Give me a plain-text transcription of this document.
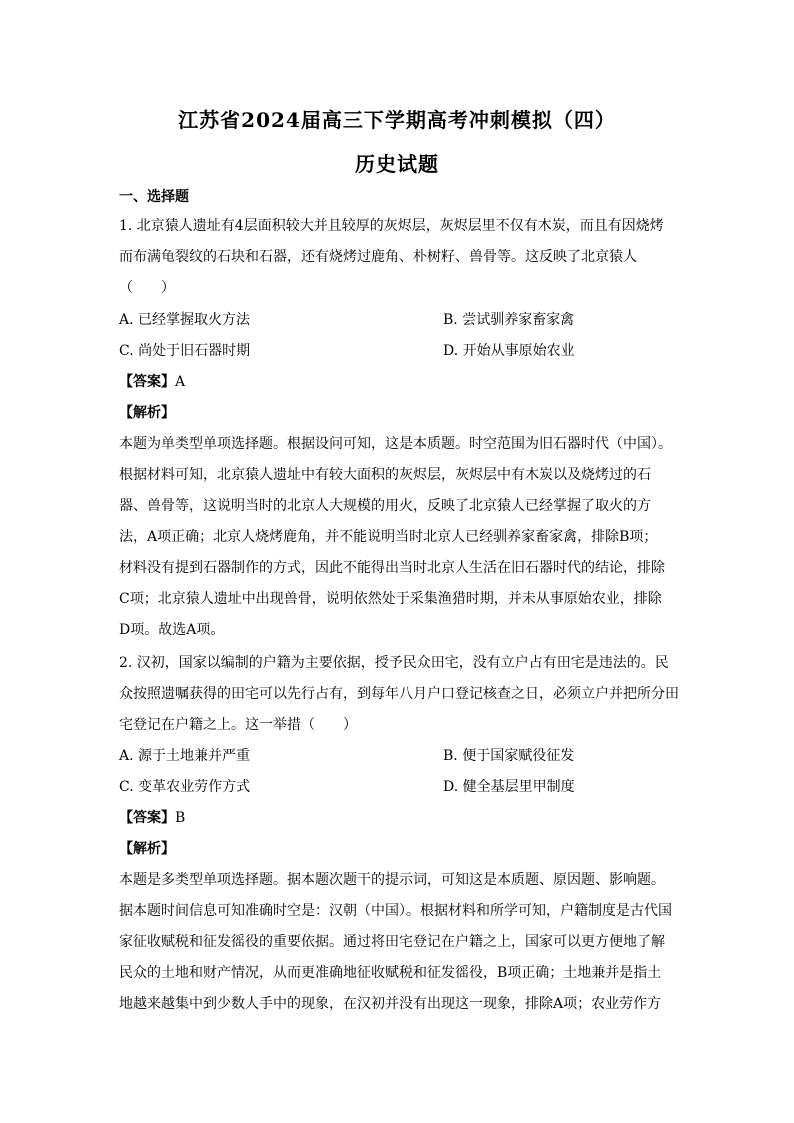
江苏省2024届高三下学期高考冲刺模拟（四）
历史试题
一、选择题
1. 北京猿人遗址有4层面积较大并且较厚的灰烬层，灰烬层里不仅有木炭，而且有因烧烤
而布满龟裂纹的石块和石器，还有烧烤过鹿角、朴树籽、兽骨等。这反映了北京猿人
（　　）
A. 已经掌握取火方法	B. 尝试驯养家畜家禽
C. 尚处于旧石器时期	D. 开始从事原始农业
【答案】A
【解析】
本题为单类型单项选择题。根据设问可知，这是本质题。时空范围为旧石器时代（中国）。
根据材料可知，北京猿人遗址中有较大面积的灰烬层，灰烬层中有木炭以及烧烤过的石
器、兽骨等，这说明当时的北京人大规模的用火，反映了北京猿人已经掌握了取火的方
法，A项正确；北京人烧烤鹿角，并不能说明当时北京人已经驯养家畜家禽，排除B项；
材料没有提到石器制作的方式，因此不能得出当时北京人生活在旧石器时代的结论，排除
C项；北京猿人遗址中出现兽骨，说明依然处于采集渔猎时期，并未从事原始农业，排除
D项。故选A项。
2. 汉初，国家以编制的户籍为主要依据，授予民众田宅，没有立户占有田宅是违法的。民
众按照遗嘱获得的田宅可以先行占有，到每年八月户口登记核查之日，必须立户并把所分田
宅登记在户籍之上。这一举措（　　）
A. 源于土地兼并严重	B. 便于国家赋役征发
C. 变革农业劳作方式	D. 健全基层里甲制度
【答案】B
【解析】
本题是多类型单项选择题。据本题次题干的提示词，可知这是本质题、原因题、影响题。
据本题时间信息可知准确时空是：汉朝（中国）。根据材料和所学可知，户籍制度是古代国
家征收赋税和征发徭役的重要依据。通过将田宅登记在户籍之上，国家可以更方便地了解
民众的土地和财产情况，从而更准确地征收赋税和征发徭役，B项正确；土地兼并是指土
地越来越集中到少数人手中的现象，在汉初并没有出现这一现象，排除A项；农业劳作方
